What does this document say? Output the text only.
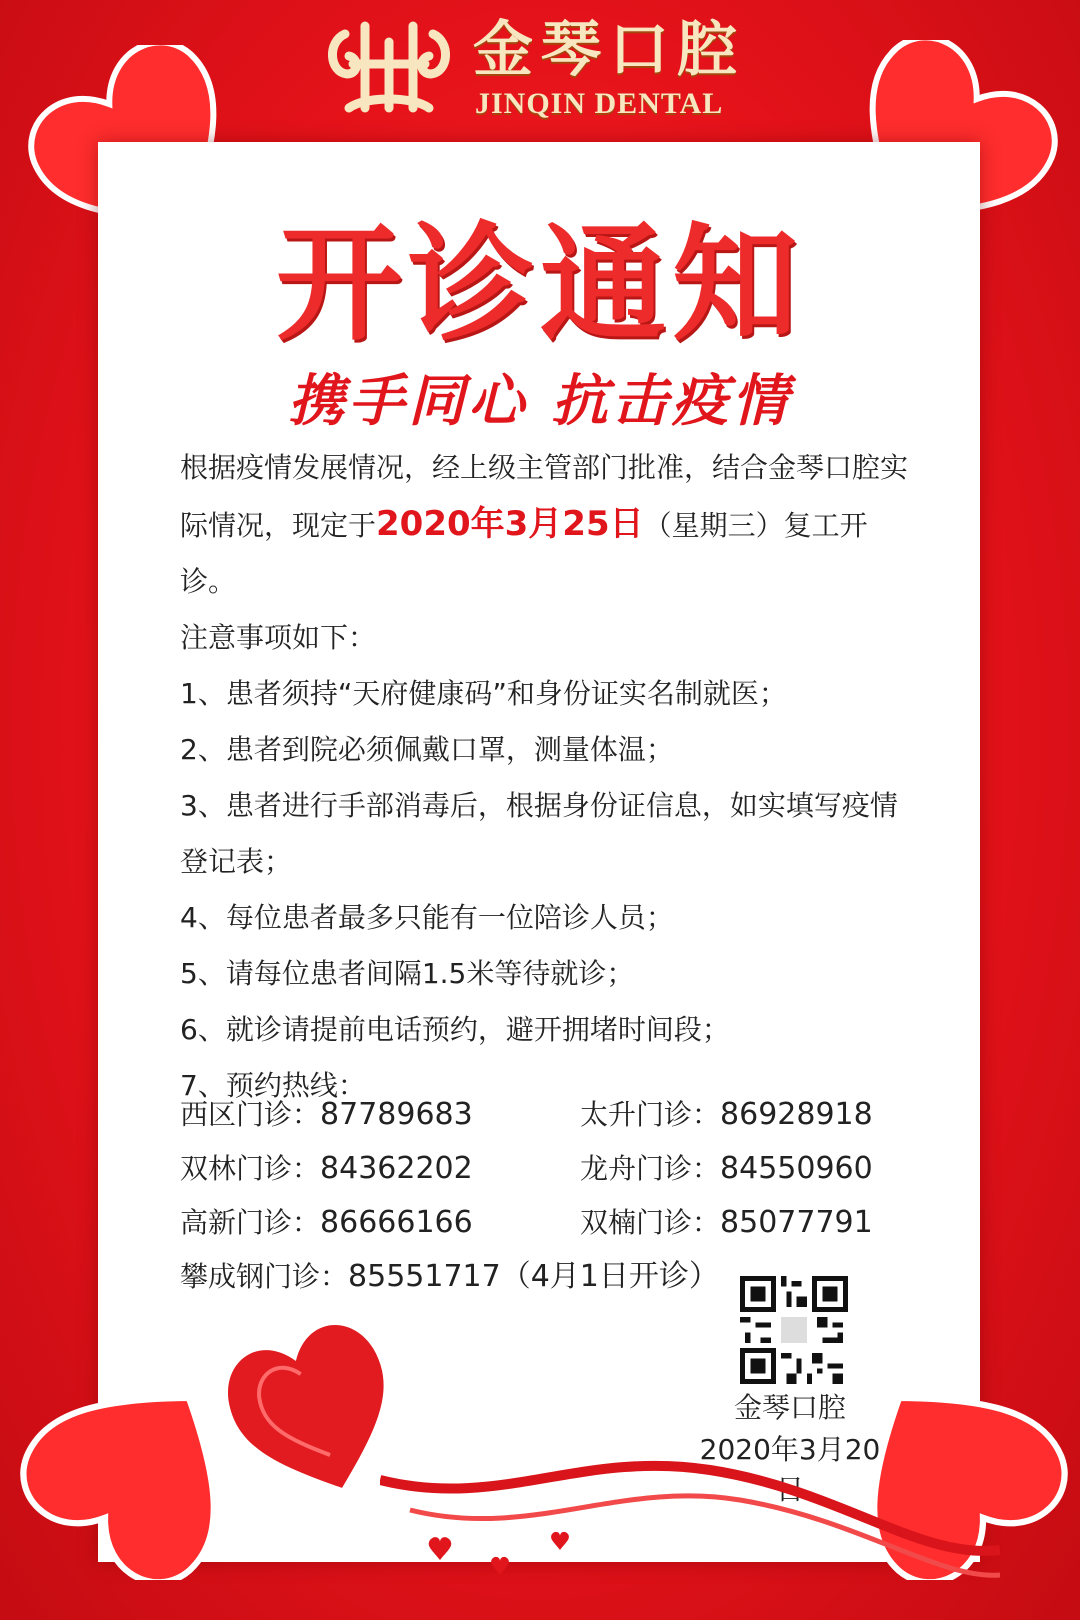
金琴口腔
JINQIN DENTAL
开诊通知
携手同心 抗击疫情

根据疫情发展情况，经上级主管部门批准，结合金琴口腔实际情况，现定于2020年3月25日（星期三）复工开诊。

注意事项如下：

1、患者须持“天府健康码”和身份证实名制就医；

2、患者到院必须佩戴口罩，测量体温；

3、患者进行手部消毒后，根据身份证信息，如实填写疫情登记表；

4、每位患者最多只能有一位陪诊人员；

5、请每位患者间隔1.5米等待就诊；

6、就诊请提前电话预约，避开拥堵时间段；

7、预约热线：

西区门诊：87789683	太升门诊：86928918
双林门诊：84362202	龙舟门诊：84550960
高新门诊：86666166	双楠门诊：85077791
攀成钢门诊：85551717（4月1日开诊）
金琴口腔
2020年3月20日
